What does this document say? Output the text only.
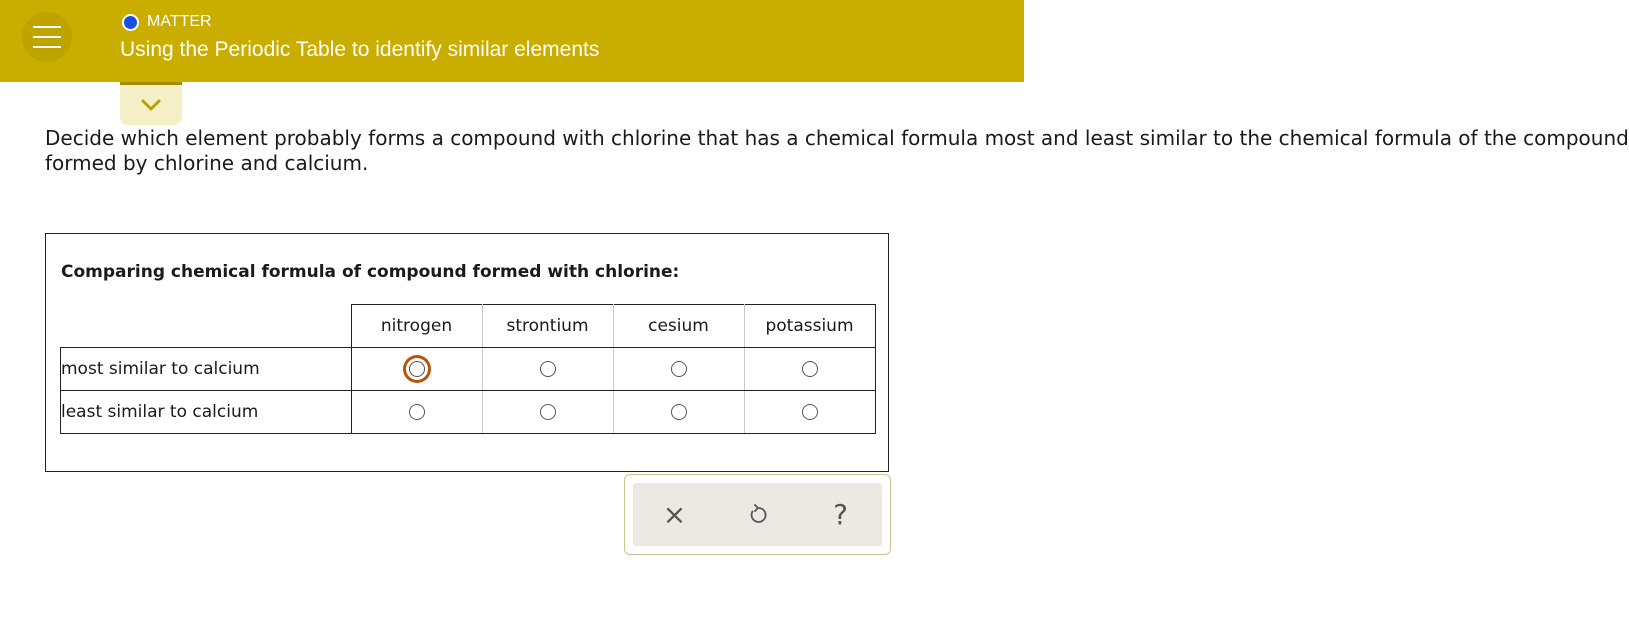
MATTER
Using the Periodic Table to identify similar elements
Decide which element probably forms a compound with chlorine that has a chemical formula most and least similar to the chemical formula of the compound
formed by chlorine and calcium.
Comparing chemical formula of compound formed with chlorine:
	nitrogen	strontium	cesium	potassium
most similar to calcium				
least similar to calcium				
×	?
